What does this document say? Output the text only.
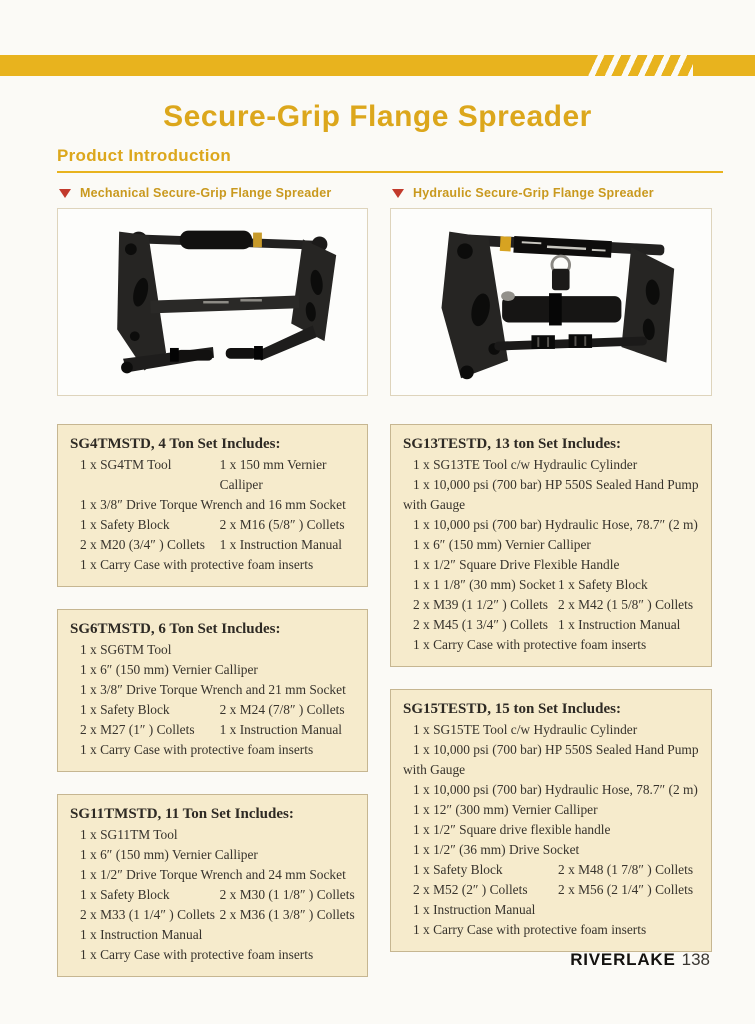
Secure-Grip Flange Spreader
Product Introduction
Mechanical Secure-Grip Flange Spreader
SG4TMSTD, 4 Ton Set Includes:
1 x SG4TM Tool	1 x 150 mm Vernier Calliper
1 x 3/8″ Drive Torque Wrench and 16 mm Socket
1 x Safety Block	2 x M16 (5/8″ ) Collets
2 x M20 (3/4″ ) Collets	1 x Instruction Manual
1 x Carry Case with protective foam inserts
SG6TMSTD, 6 Ton Set Includes:
1 x SG6TM Tool
1 x 6″ (150 mm) Vernier Calliper
1 x 3/8″ Drive Torque Wrench and 21 mm Socket
1 x Safety Block	2 x M24 (7/8″ ) Collets
2 x M27 (1″ ) Collets	1 x Instruction Manual
1 x Carry Case with protective foam inserts
SG11TMSTD, 11 Ton Set Includes:
1 x SG11TM Tool
1 x 6″ (150 mm) Vernier Calliper
1 x 1/2″ Drive Torque Wrench and 24 mm Socket
1 x Safety Block	2 x M30 (1 1/8″ ) Collets
2 x M33 (1 1/4″ ) Collets 2 x M36 (1 3/8″ ) Collets
1 x Instruction Manual
1 x Carry Case with protective foam inserts
Hydraulic Secure-Grip Flange Spreader
SG13TESTD, 13 ton Set Includes:
1 x SG13TE Tool c/w Hydraulic Cylinder
1 x 10,000 psi (700 bar) HP 550S Sealed Hand Pump with Gauge
1 x 10,000 psi (700 bar) Hydraulic Hose, 78.7″ (2 m)
1 x 6″ (150 mm) Vernier Calliper
1 x 1/2″ Square Drive Flexible Handle
1 x 1 1/8″ (30 mm) Socket 1 x Safety Block
2 x M39 (1 1/2″ ) Collets 2 x M42 (1 5/8″ ) Collets
2 x M45 (1 3/4″ ) Collets 1 x Instruction Manual
1 x Carry Case with protective foam inserts
SG15TESTD, 15 ton Set Includes:
1 x SG15TE Tool c/w Hydraulic Cylinder
1 x 10,000 psi (700 bar) HP 550S Sealed Hand Pump with Gauge
1 x 10,000 psi (700 bar) Hydraulic Hose, 78.7″ (2 m)
1 x 12″ (300 mm) Vernier Calliper
1 x 1/2″ Square drive flexible handle
1 x 1/2″ (36 mm) Drive Socket
1 x Safety Block	2 x M48 (1 7/8″ ) Collets
2 x M52 (2″ ) Collets	2 x M56 (2 1/4″ ) Collets
1 x Instruction Manual
1 x Carry Case with protective foam inserts
RIVERLAKE 138
